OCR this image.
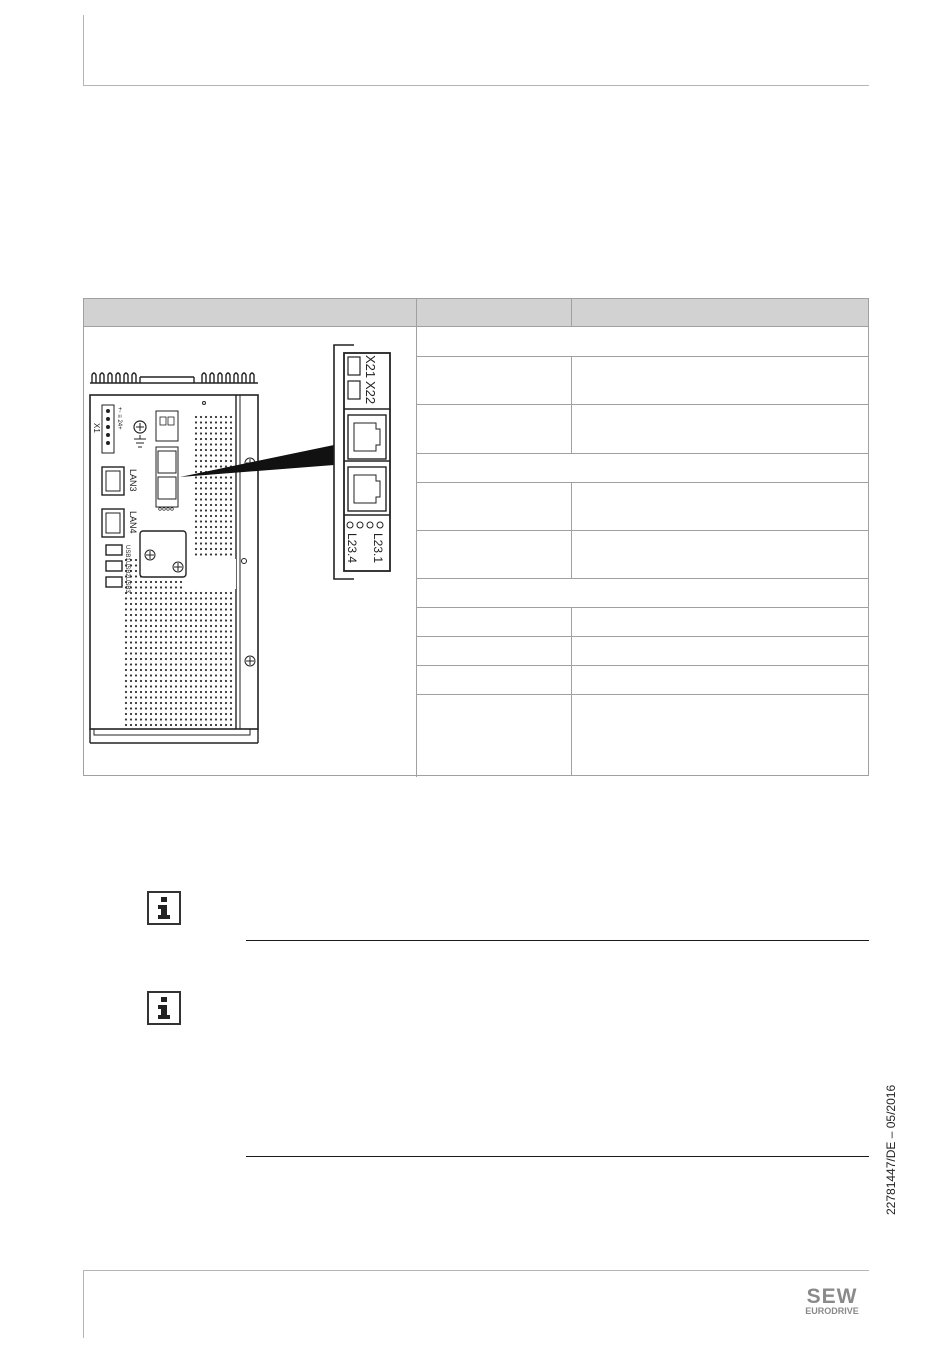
X1	+◦ ≡ 24+
LAN3
LAN4
USB1
USB2
USB3
X21
X22
L23.1
L23.4
22781447/DE – 05/2016
SEW
EURODRIVE
